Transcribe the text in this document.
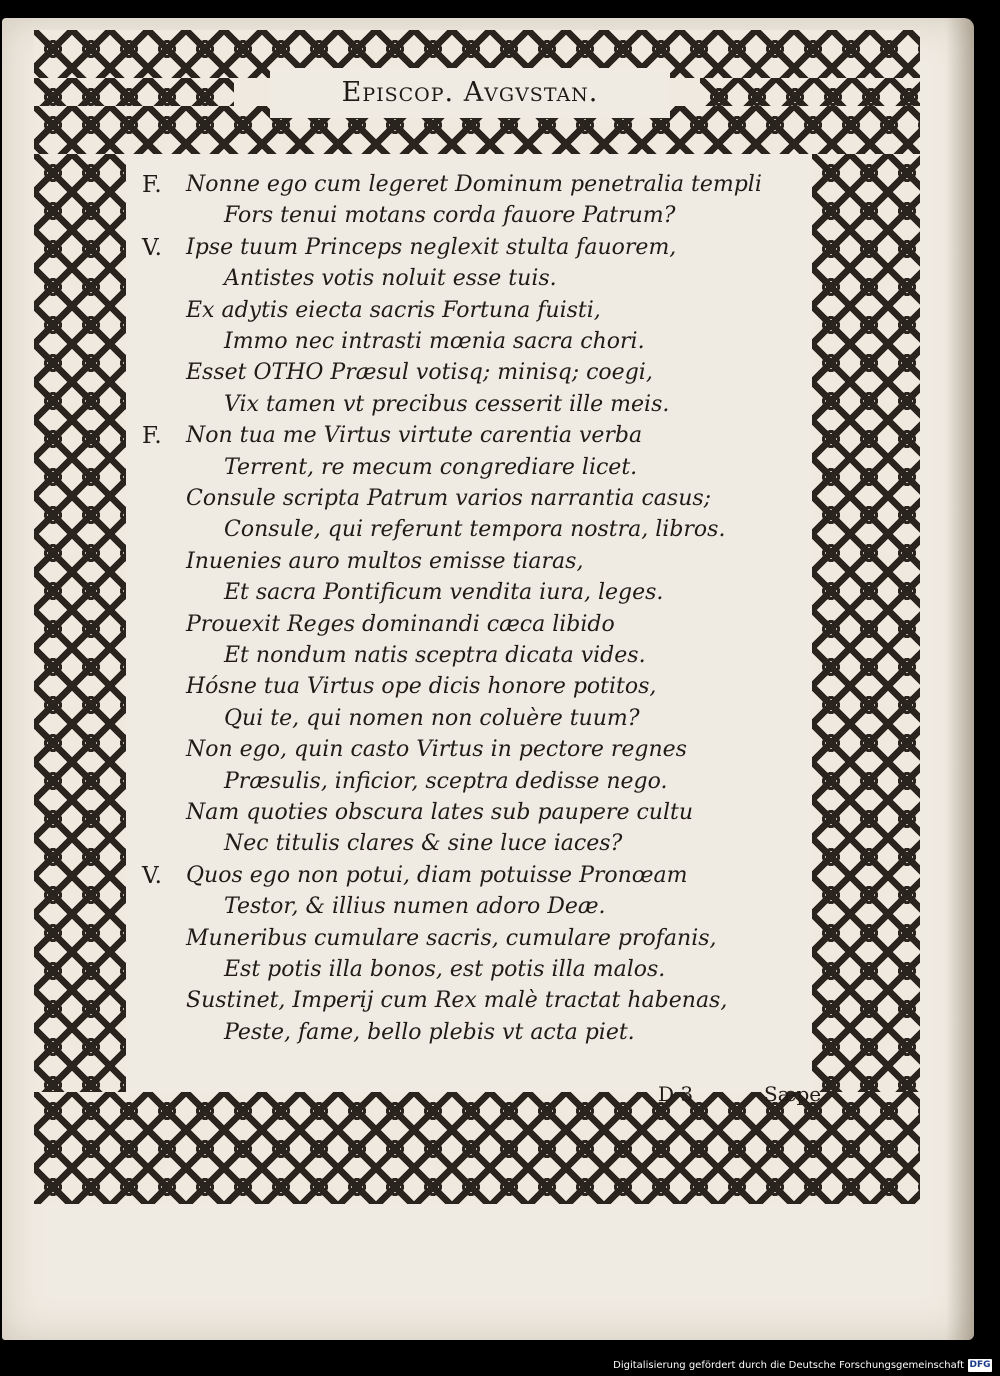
Episcop. Avgvstan.
F. Nonne ego cum legeret Dominum penetralia templi
Fors tenui motans corda fauore Patrum?
V. Ipse tuum Princeps neglexit stulta fauorem,
Antistes votis noluit esse tuis.
Ex adytis eiecta sacris Fortuna fuisti,
Immo nec intrasti mœnia sacra chori.
Esset OTHO Præsul votisq; minisq; coegi,
Vix tamen vt precibus cesserit ille meis.
F. Non tua me Virtus virtute carentia verba
Terrent, re mecum congrediare licet.
Consule scripta Patrum varios narrantia casus;
Consule, qui referunt tempora nostra, libros.
Inuenies auro multos emisse tiaras,
Et sacra Pontificum vendita iura, leges.
Prouexit Reges dominandi cæca libido
Et nondum natis sceptra dicata vides.
Hósne tua Virtus ope dicis honore potitos,
Qui te, qui nomen non coluère tuum?
Non ego, quin casto Virtus in pectore regnes
Præsulis, inficior, sceptra dedisse nego.
Nam quoties obscura lates sub paupere cultu
Nec titulis clares & sine luce iaces?
V. Quos ego non potui, diam potuisse Pronœam
Testor, & illius numen adoro Deæ.
Muneribus cumulare sacris, cumulare profanis,
Est potis illa bonos, est potis illa malos.
Sustinet, Imperij cum Rex malè tractat habenas,
Peste, fame, bello plebis vt acta piet.
D 3	Sæpe
Digitalisierung gefördert durch die Deutsche Forschungsgemeinschaft DFG
